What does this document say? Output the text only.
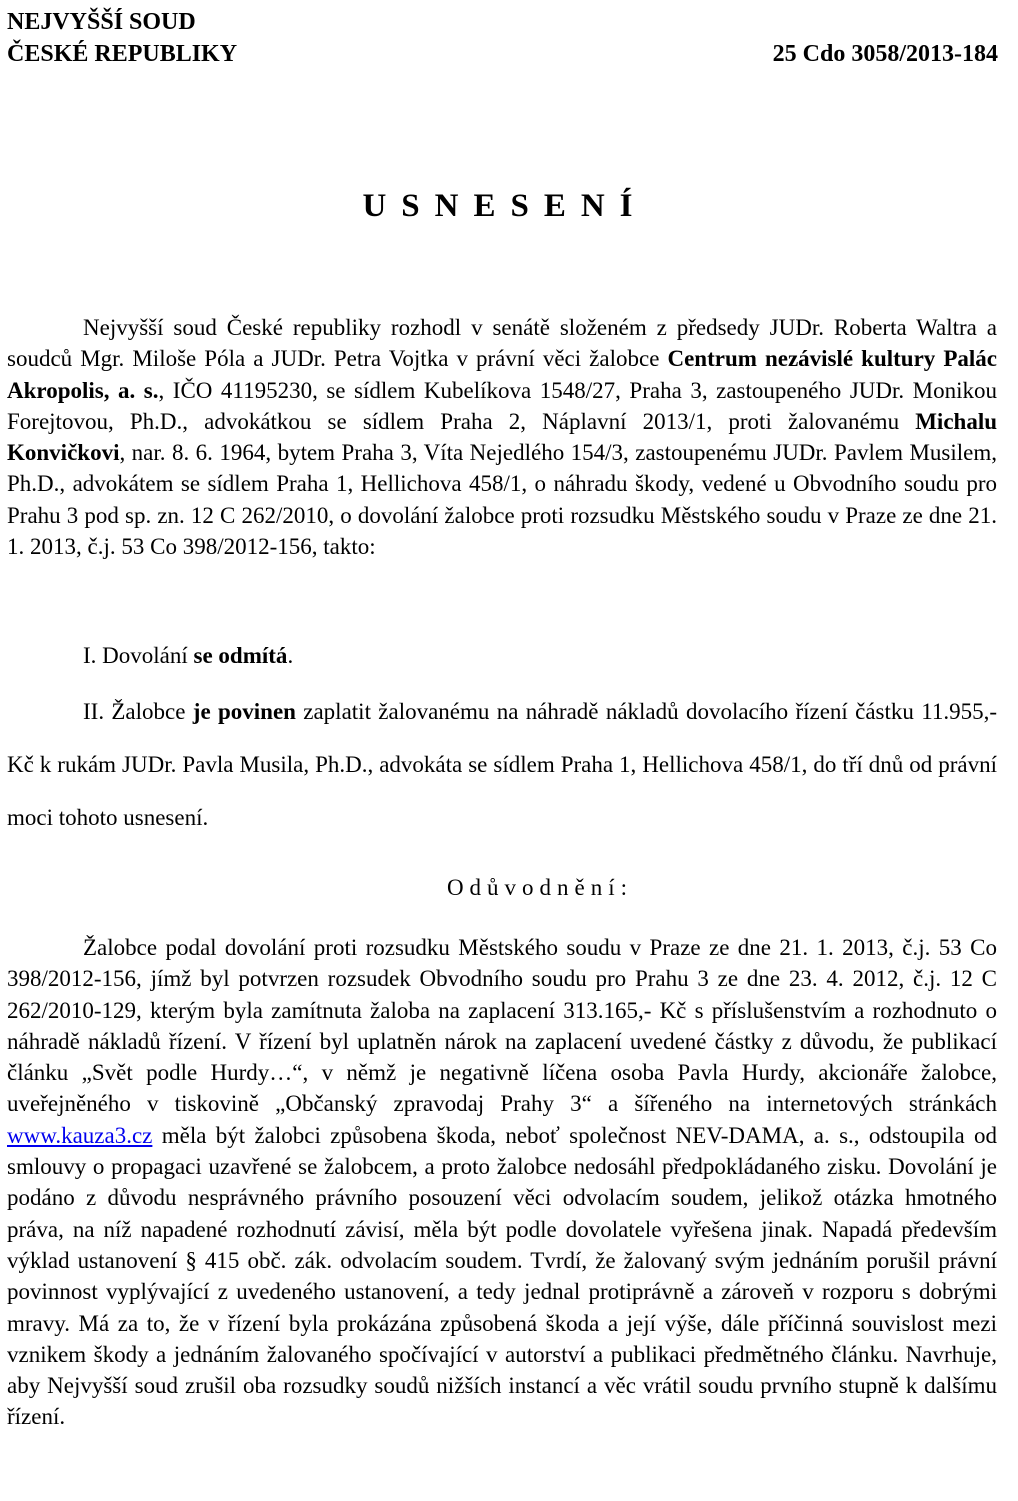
NEJVYŠŠÍ SOUD
ČESKÉ REPUBLIKY	25 Cdo 3058/2013-184
USNESENÍ

Nejvyšší soud České republiky rozhodl v senátě složeném z předsedy JUDr. Roberta Waltra a soudců Mgr. Miloše Póla a JUDr. Petra Vojtka v právní věci žalobce Centrum nezávislé kultury Palác Akropolis, a. s., IČO 41195230, se sídlem Kubelíkova 1548/27, Praha 3, zastoupeného JUDr. Monikou Forejtovou, Ph.D., advokátkou se sídlem Praha 2, Náplavní 2013/1, proti žalovanému Michalu Konvičkovi, nar. 8. 6. 1964, bytem Praha 3, Víta Nejedlého 154/3, zastoupenému JUDr. Pavlem Musilem, Ph.D., advokátem se sídlem Praha 1, Hellichova 458/1, o náhradu škody, vedené u Obvodního soudu pro Prahu 3 pod sp. zn. 12 C 262/2010, o dovolání žalobce proti rozsudku Městského soudu v Praze ze dne 21. 1. 2013, č.j. 53 Co 398/2012-156, takto:

I. Dovolání se odmítá.

II. Žalobce je povinen zaplatit žalovanému na náhradě nákladů dovolacího řízení částku 11.955,- Kč k rukám JUDr. Pavla Musila, Ph.D., advokáta se sídlem Praha 1, Hellichova 458/1, do tří dnů od právní moci tohoto usnesení.

Odůvodnění:

Žalobce podal dovolání proti rozsudku Městského soudu v Praze ze dne 21. 1. 2013, č.j. 53 Co 398/2012-156, jímž byl potvrzen rozsudek Obvodního soudu pro Prahu 3 ze dne 23. 4. 2012, č.j. 12 C 262/2010-129, kterým byla zamítnuta žaloba na zaplacení 313.165,- Kč s příslušenstvím a rozhodnuto o náhradě nákladů řízení. V řízení byl uplatněn nárok na zaplacení uvedené částky z důvodu, že publikací článku „Svět podle Hurdy…“, v němž je negativně líčena osoba Pavla Hurdy, akcionáře žalobce, uveřejněného v tiskovině „Občanský zpravodaj Prahy 3“ a šířeného na internetových stránkách www.kauza3.cz měla být žalobci způsobena škoda, neboť společnost NEV-DAMA, a. s., odstoupila od smlouvy o propagaci uzavřené se žalobcem, a proto žalobce nedosáhl předpokládaného zisku. Dovolání je podáno z důvodu nesprávného právního posouzení věci odvolacím soudem, jelikož otázka hmotného práva, na níž napadené rozhodnutí závisí, měla být podle dovolatele vyřešena jinak. Napadá především výklad ustanovení § 415 obč. zák. odvolacím soudem. Tvrdí, že žalovaný svým jednáním porušil právní povinnost vyplývající z uvedeného ustanovení, a tedy jednal protiprávně a zároveň v rozporu s dobrými mravy. Má za to, že v řízení byla prokázána způsobená škoda a její výše, dále příčinná souvislost mezi vznikem škody a jednáním žalovaného spočívající v autorství a publikaci předmětného článku. Navrhuje, aby Nejvyšší soud zrušil oba rozsudky soudů nižších instancí a věc vrátil soudu prvního stupně k dalšímu řízení.
